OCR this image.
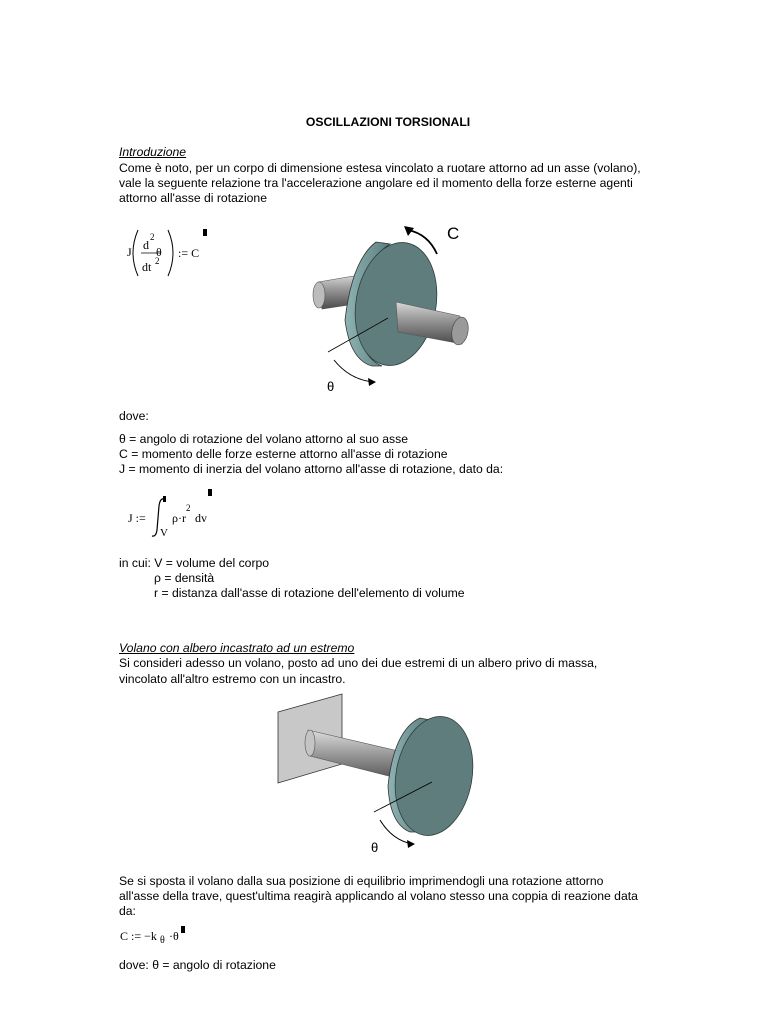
OSCILLAZIONI TORSIONALI
Introduzione
Come è noto, per un corpo di dimensione estesa vincolato a ruotare attorno ad un asse (volano),
vale la seguente relazione tra l'accelerazione angolare ed il momento della forze esterne agenti
attorno all'asse di rotazione
J d
2
θ
dt 2
:= C
C
θ
dove:
θ = angolo di rotazione del volano attorno al suo asse
C = momento delle forze esterne attorno all'asse di rotazione
J = momento di inerzia del volano attorno all'asse di rotazione, dato da:
J :=
V
ρ·r
2
dv
in cui: V = volume del corpo
ρ = densità
r = distanza dall'asse di rotazione dell'elemento di volume
Volano con albero incastrato ad un estremo
Si consideri adesso un volano, posto ad uno dei due estremi di un albero privo di massa,
vincolato all'altro estremo con un incastro.
θ
Se si sposta il volano dalla sua posizione di equilibrio imprimendogli una rotazione attorno
all'asse della trave, quest'ultima reagirà applicando al volano stesso una coppia di reazione data
da:
C := −k θ ·θ
dove: θ = angolo di rotazione
